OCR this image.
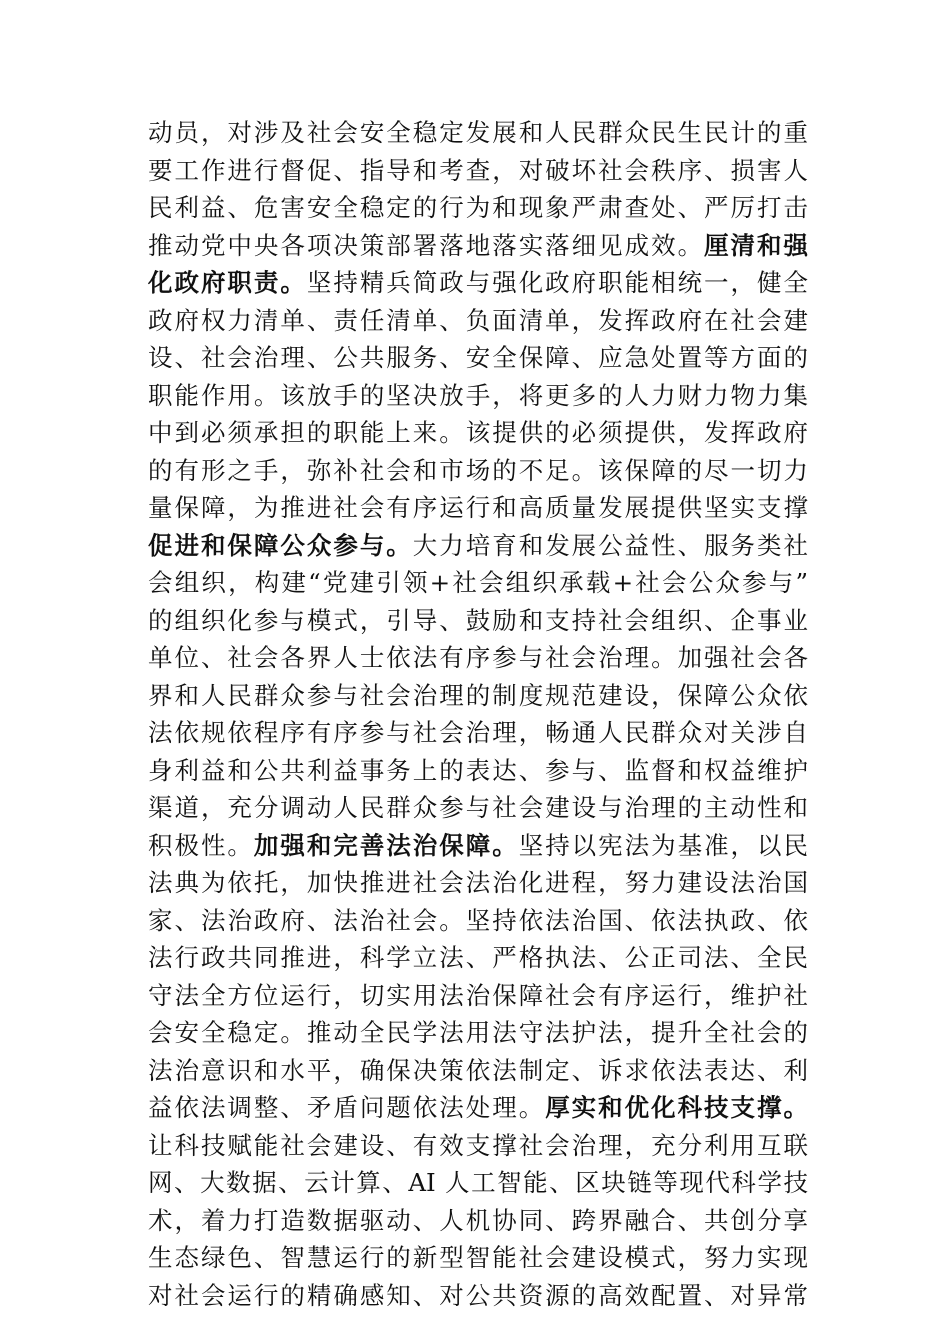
动员，对涉及社会安全稳定发展和人民群众民生民计的重
要工作进行督促、指导和考查，对破坏社会秩序、损害人
民利益、危害安全稳定的行为和现象严肃查处、严厉打击
推动党中央各项决策部署落地落实落细见成效。厘清和强
化政府职责。坚持精兵简政与强化政府职能相统一，健全
政府权力清单、责任清单、负面清单，发挥政府在社会建
设、社会治理、公共服务、安全保障、应急处置等方面的
职能作用。该放手的坚决放手，将更多的人力财力物力集
中到必须承担的职能上来。该提供的必须提供，发挥政府
的有形之手，弥补社会和市场的不足。该保障的尽一切力
量保障，为推进社会有序运行和高质量发展提供坚实支撑
促进和保障公众参与。大力培育和发展公益性、服务类社
会组织，构建“党建引领+社会组织承载+社会公众参与”
的组织化参与模式，引导、鼓励和支持社会组织、企事业
单位、社会各界人士依法有序参与社会治理。加强社会各
界和人民群众参与社会治理的制度规范建设，保障公众依
法依规依程序有序参与社会治理，畅通人民群众对关涉自
身利益和公共利益事务上的表达、参与、监督和权益维护
渠道，充分调动人民群众参与社会建设与治理的主动性和
积极性。加强和完善法治保障。坚持以宪法为基准，以民
法典为依托，加快推进社会法治化进程，努力建设法治国
家、法治政府、法治社会。坚持依法治国、依法执政、依
法行政共同推进，科学立法、严格执法、公正司法、全民
守法全方位运行，切实用法治保障社会有序运行，维护社
会安全稳定。推动全民学法用法守法护法，提升全社会的
法治意识和水平，确保决策依法制定、诉求依法表达、利
益依法调整、矛盾问题依法处理。厚实和优化科技支撑。
让科技赋能社会建设、有效支撑社会治理，充分利用互联
网、大数据、云计算、AI 人工智能、区块链等现代科学技
术，着力打造数据驱动、人机协同、跨界融合、共创分享
生态绿色、智慧运行的新型智能社会建设模式，努力实现
对社会运行的精确感知、对公共资源的高效配置、对异常
